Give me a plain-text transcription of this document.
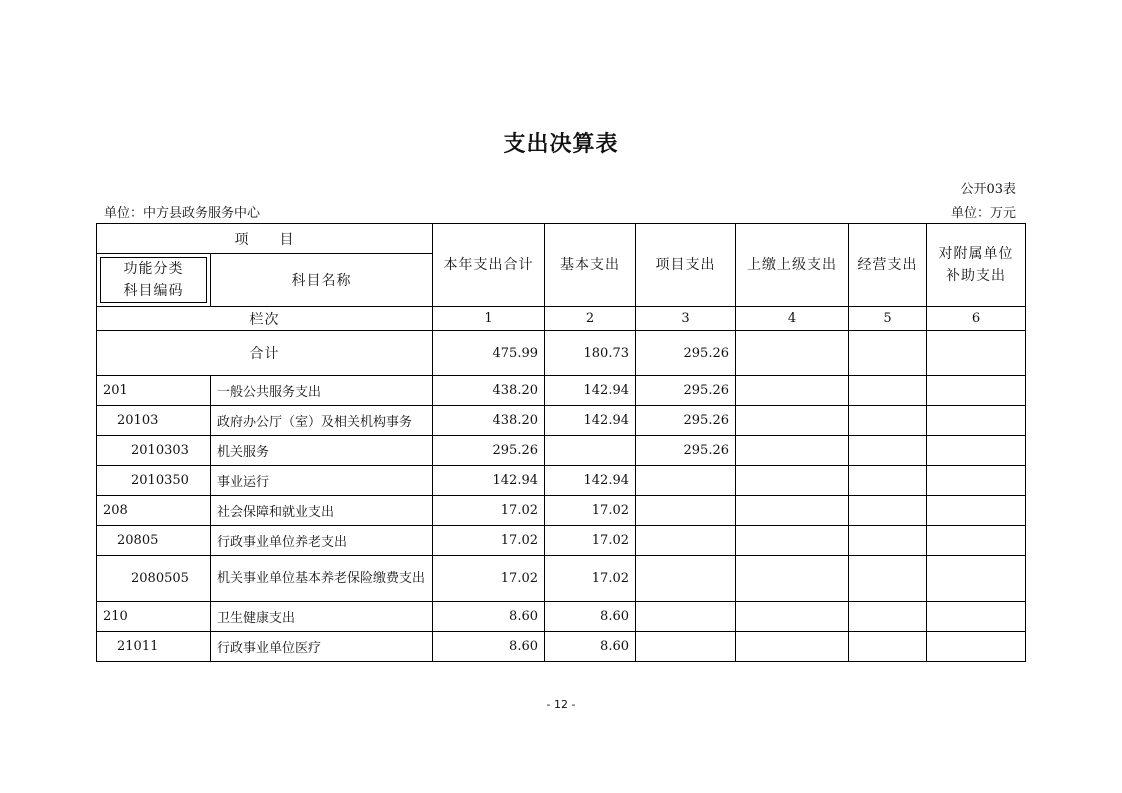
支出决算表
公开03表
单位：中方县政务服务中心	单位：万元
项　　目		本年支出合计	基本支出	项目支出	上缴上级支出	经营支出	对附属单位
补助支出

功能分类
科目编码	科目名称						
栏次		1	2	3	4	5	6
合计		475.99	180.73	295.26			
201	一般公共服务支出	438.20	142.94	295.26			
20103	政府办公厅（室）及相关机构事务	438.20	142.94	295.26			
2010303	机关服务	295.26		295.26			
2010350	事业运行	142.94	142.94				
208	社会保障和就业支出	17.02	17.02				
20805	行政事业单位养老支出	17.02	17.02				
2080505	机关事业单位基本养老保险缴费支出	17.02	17.02				
210	卫生健康支出	8.60	8.60				
21011	行政事业单位医疗	8.60	8.60				
- 12 -
